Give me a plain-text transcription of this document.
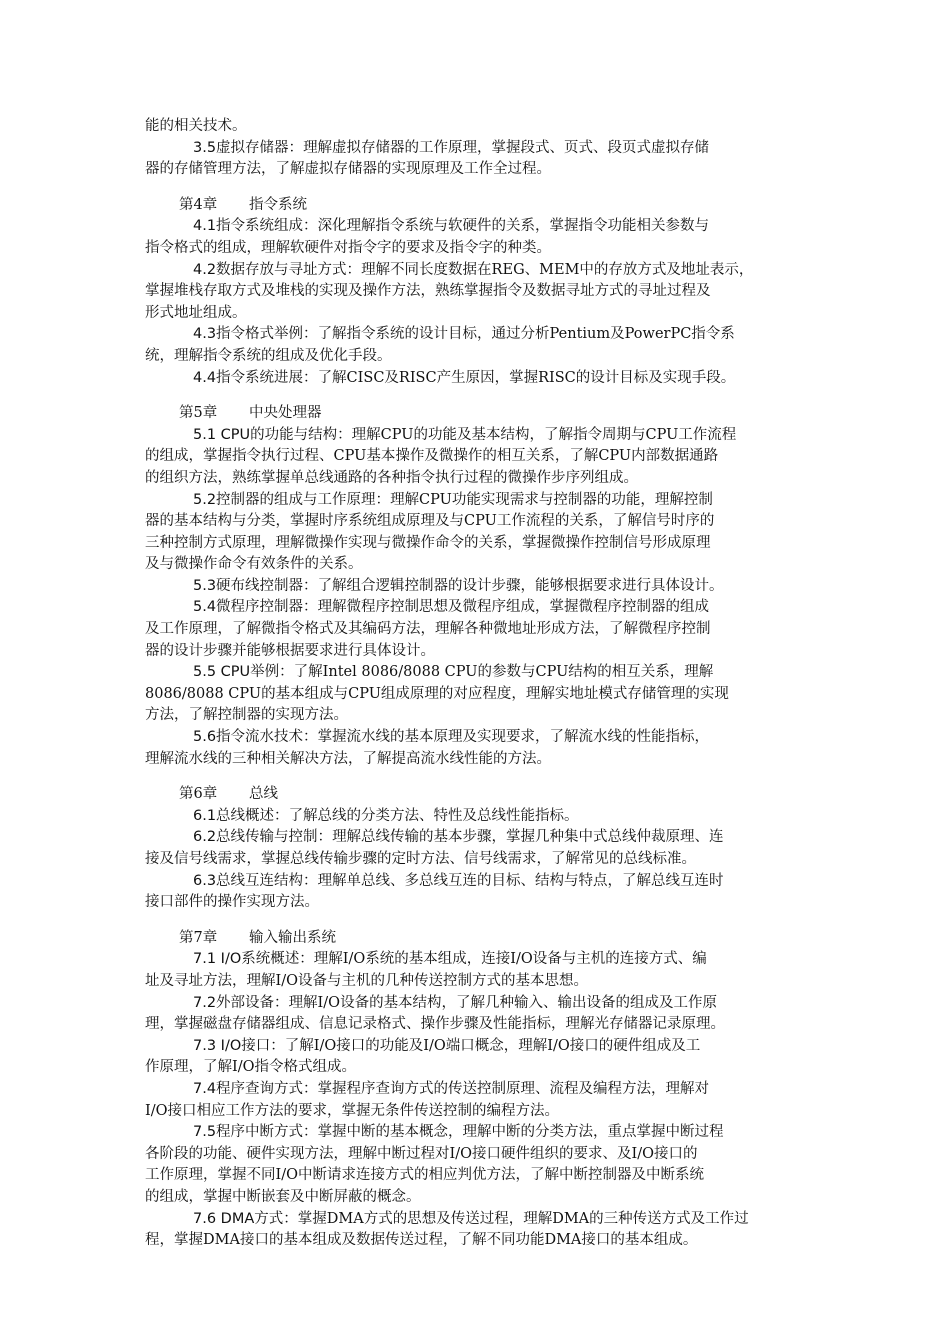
能的相关技术。

3.5虚拟存储器：理解虚拟存储器的工作原理，掌握段式、页式、段页式虚拟存储

器的存储管理方法，了解虚拟存储器的实现原理及工作全过程。

第4章 指令系统

4.1指令系统组成：深化理解指令系统与软硬件的关系，掌握指令功能相关参数与

指令格式的组成，理解软硬件对指令字的要求及指令字的种类。

4.2数据存放与寻址方式：理解不同长度数据在REG、MEM中的存放方式及地址表示，

掌握堆栈存取方式及堆栈的实现及操作方法，熟练掌握指令及数据寻址方式的寻址过程及

形式地址组成。

4.3指令格式举例：了解指令系统的设计目标，通过分析Pentium及PowerPC指令系

统，理解指令系统的组成及优化手段。

4.4指令系统进展：了解CISC及RISC产生原因，掌握RISC的设计目标及实现手段。

第5章 中央处理器

5.1 CPU的功能与结构：理解CPU的功能及基本结构，了解指令周期与CPU工作流程

的组成，掌握指令执行过程、CPU基本操作及微操作的相互关系，了解CPU内部数据通路

的组织方法，熟练掌握单总线通路的各种指令执行过程的微操作步序列组成。

5.2控制器的组成与工作原理：理解CPU功能实现需求与控制器的功能，理解控制

器的基本结构与分类，掌握时序系统组成原理及与CPU工作流程的关系，了解信号时序的

三种控制方式原理，理解微操作实现与微操作命令的关系，掌握微操作控制信号形成原理

及与微操作命令有效条件的关系。

5.3硬布线控制器：了解组合逻辑控制器的设计步骤，能够根据要求进行具体设计。

5.4微程序控制器：理解微程序控制思想及微程序组成，掌握微程序控制器的组成

及工作原理，了解微指令格式及其编码方法，理解各种微地址形成方法，了解微程序控制

器的设计步骤并能够根据要求进行具体设计。

5.5 CPU举例：了解Intel 8086/8088 CPU的参数与CPU结构的相互关系，理解

8086/8088 CPU的基本组成与CPU组成原理的对应程度，理解实地址模式存储管理的实现

方法，了解控制器的实现方法。

5.6指令流水技术：掌握流水线的基本原理及实现要求，了解流水线的性能指标，

理解流水线的三种相关解决方法，了解提高流水线性能的方法。

第6章 总线

6.1总线概述：了解总线的分类方法、特性及总线性能指标。

6.2总线传输与控制：理解总线传输的基本步骤，掌握几种集中式总线仲裁原理、连

接及信号线需求，掌握总线传输步骤的定时方法、信号线需求，了解常见的总线标准。

6.3总线互连结构：理解单总线、多总线互连的目标、结构与特点，了解总线互连时

接口部件的操作实现方法。

第7章 输入输出系统

7.1 I/O系统概述：理解I/O系统的基本组成，连接I/O设备与主机的连接方式、编

址及寻址方法，理解I/O设备与主机的几种传送控制方式的基本思想。

7.2外部设备：理解I/O设备的基本结构，了解几种输入、输出设备的组成及工作原

理，掌握磁盘存储器组成、信息记录格式、操作步骤及性能指标，理解光存储器记录原理。

7.3 I/O接口：了解I/O接口的功能及I/O端口概念，理解I/O接口的硬件组成及工

作原理，了解I/O指令格式组成。

7.4程序查询方式：掌握程序查询方式的传送控制原理、流程及编程方法，理解对

I/O接口相应工作方法的要求，掌握无条件传送控制的编程方法。

7.5程序中断方式：掌握中断的基本概念，理解中断的分类方法，重点掌握中断过程

各阶段的功能、硬件实现方法，理解中断过程对I/O接口硬件组织的要求、及I/O接口的

工作原理，掌握不同I/O中断请求连接方式的相应判优方法，了解中断控制器及中断系统

的组成，掌握中断嵌套及中断屏蔽的概念。

7.6 DMA方式：掌握DMA方式的思想及传送过程，理解DMA的三种传送方式及工作过

程，掌握DMA接口的基本组成及数据传送过程，了解不同功能DMA接口的基本组成。
